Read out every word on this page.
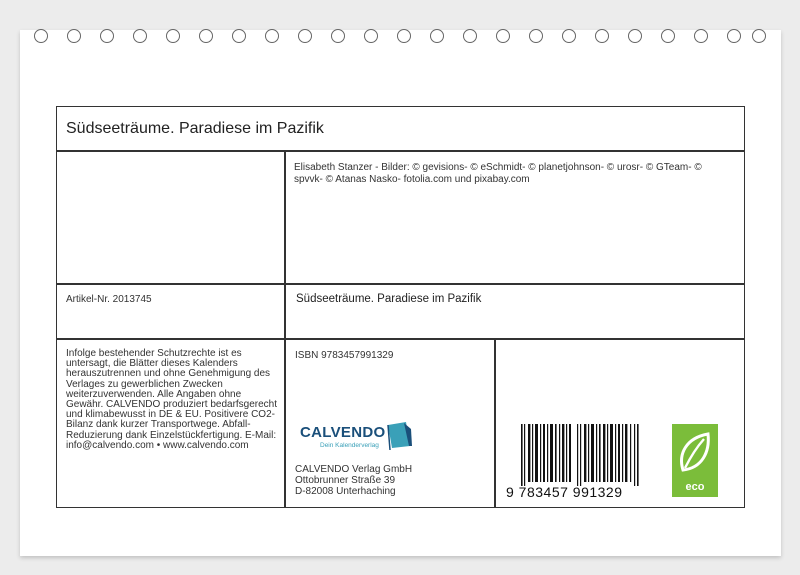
Südseeträume. Paradiese im Pazifik
Elisabeth Stanzer - Bilder: © gevisions- © eSchmidt- © planetjohnson- © urosr- © GTeam- © spvvk- © Atanas Nasko- fotolia.com und pixabay.com
Artikel-Nr. 2013745	Südseeträume. Paradiese im Pazifik
Infolge bestehender Schutzrechte ist es untersagt, die Blätter dieses Kalenders herauszutrennen und ohne Genehmigung des Verlages zu gewerblichen Zwecken weiterzuverwenden. Alle Angaben ohne Gewähr. CALVENDO produziert bedarfsgerecht und klimabewusst in DE & EU. Positivere CO2-Bilanz dank kurzer Transportwege. Abfall-Reduzierung dank Einzelstückfertigung. E-Mail: info@calvendo.com • www.calvendo.com
ISBN 9783457991329
CALVENDO
Dein Kalenderverlag
CALVENDO Verlag GmbH
Ottobrunner Straße 39
D-82008 Unterhaching	9 783457 991329	eco
